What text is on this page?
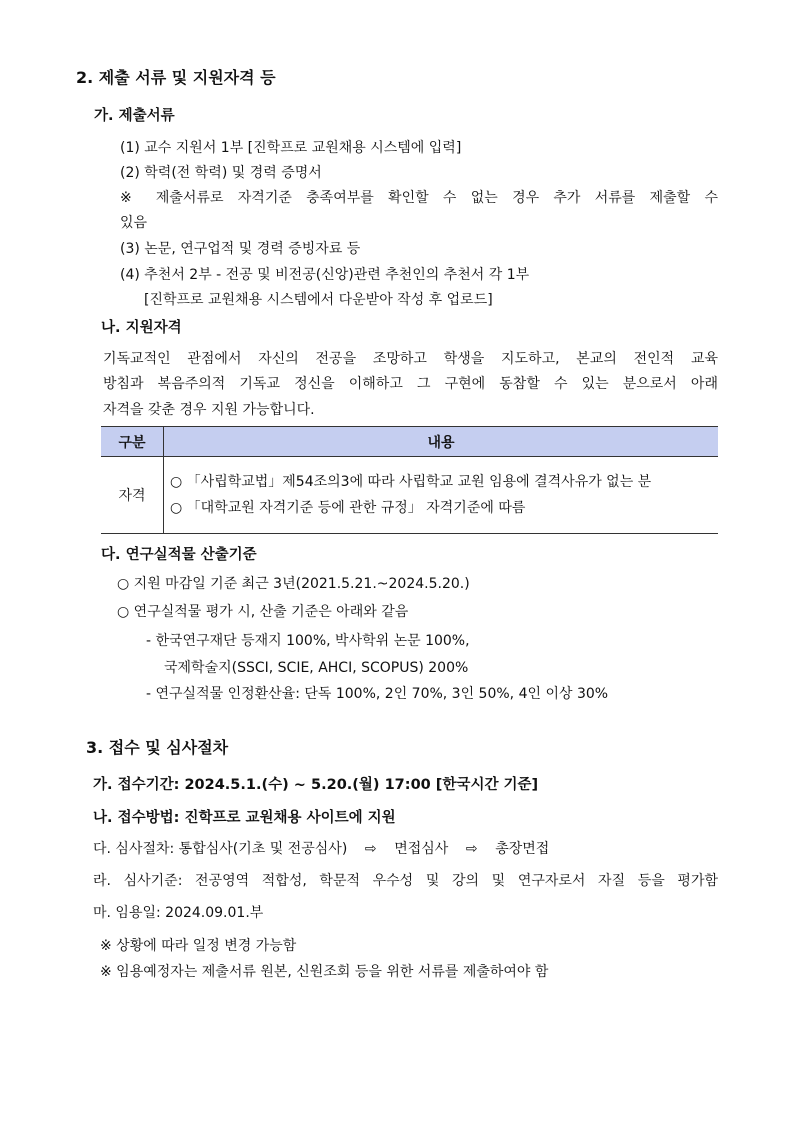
2. 제출 서류 및 지원자격 등
가. 제출서류
(1) 교수 지원서 1부 [진학프로 교원채용 시스템에 입력]
(2) 학력(전 학력) 및 경력 증명서
※ 제출서류로 자격기준 충족여부를 확인할 수 없는 경우 추가 서류를 제출할 수
있음
(3) 논문, 연구업적 및 경력 증빙자료 등
(4) 추천서 2부 - 전공 및 비전공(신앙)관련 추천인의 추천서 각 1부
[진학프로 교원채용 시스템에서 다운받아 작성 후 업로드]
나. 지원자격
기독교적인 관점에서 자신의 전공을 조망하고 학생을 지도하고, 본교의 전인적 교육
방침과 복음주의적 기독교 정신을 이해하고 그 구현에 동참할 수 있는 분으로서 아래
자격을 갖춘 경우 지원 가능합니다.
구분	내용
자격	○ 「사립학교법」제54조의3에 따라 사립학교 교원 임용에 결격사유가 없는 분
○ 「대학교원 자격기준 등에 관한 규정」 자격기준에 따름
다. 연구실적물 산출기준
○ 지원 마감일 기준 최근 3년(2021.5.21.~2024.5.20.)
○ 연구실적물 평가 시, 산출 기준은 아래와 같음
- 한국연구재단 등재지 100%, 박사학위 논문 100%,
국제학술지(SSCI, SCIE, AHCI, SCOPUS) 200%
- 연구실적물 인정환산율: 단독 100%, 2인 70%, 3인 50%, 4인 이상 30%
3. 접수 및 심사절차
가. 접수기간: 2024.5.1.(수) ~ 5.20.(월) 17:00 [한국시간 기준]
나. 접수방법: 진학프로 교원채용 사이트에 지원
다. 심사절차: 통합심사(기초 및 전공심사) ⇨ 면접심사 ⇨ 총장면접
라. 심사기준: 전공영역 적합성, 학문적 우수성 및 강의 및 연구자로서 자질 등을 평가함
마. 임용일: 2024.09.01.부
※ 상황에 따라 일정 변경 가능함
※ 임용예정자는 제출서류 원본, 신원조회 등을 위한 서류를 제출하여야 함
